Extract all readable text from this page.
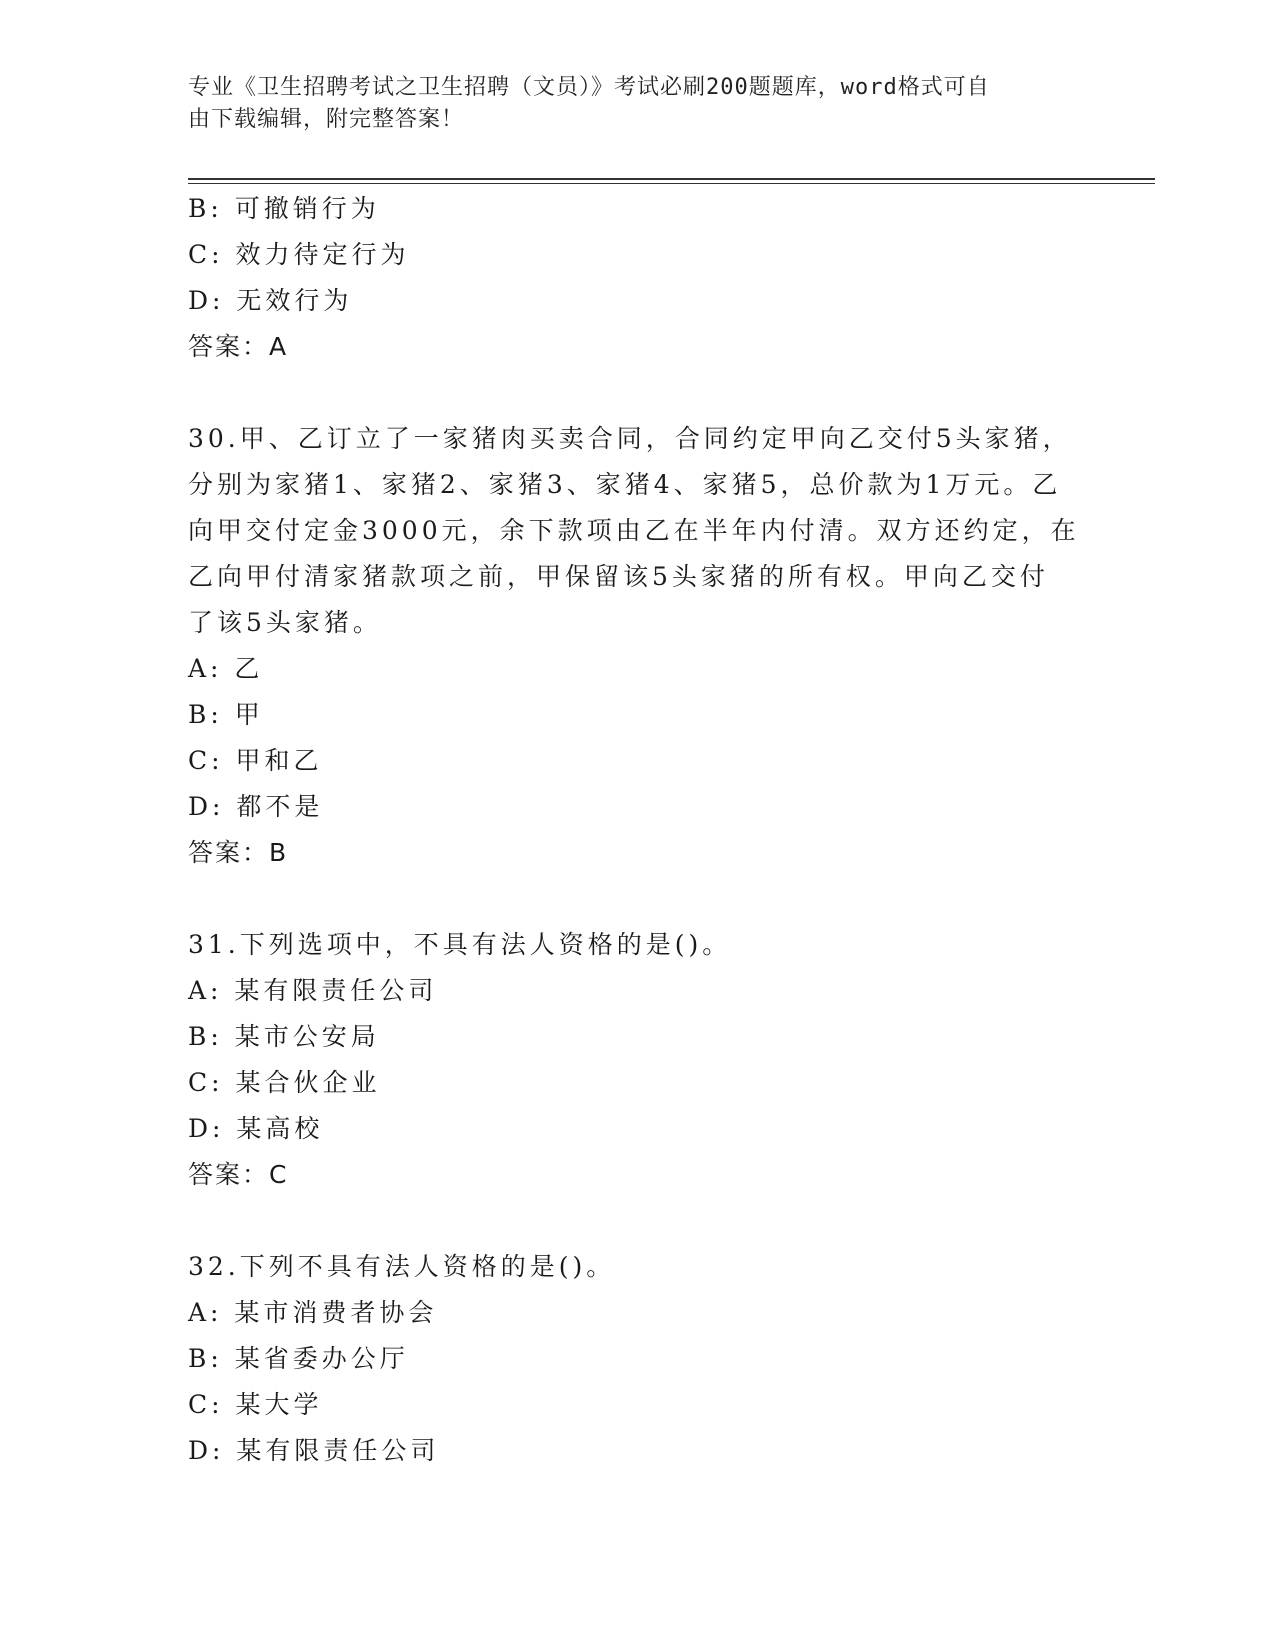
专业《卫生招聘考试之卫生招聘（文员）》考试必刷200题题库，word格式可自
由下载编辑，附完整答案！
B: 可撤销行为
C: 效力待定行为
D: 无效行为
答案：A
30.甲、乙订立了一家猪肉买卖合同，合同约定甲向乙交付5头家猪，
分别为家猪1、家猪2、家猪3、家猪4、家猪5，总价款为1万元。乙
向甲交付定金3000元，余下款项由乙在半年内付清。双方还约定，在
乙向甲付清家猪款项之前，甲保留该5头家猪的所有权。甲向乙交付
了该5头家猪。
A: 乙
B: 甲
C: 甲和乙
D: 都不是
答案：B
31.下列选项中，不具有法人资格的是()。
A: 某有限责任公司
B: 某市公安局
C: 某合伙企业
D: 某高校
答案：C
32.下列不具有法人资格的是()。
A: 某市消费者协会
B: 某省委办公厅
C: 某大学
D: 某有限责任公司
